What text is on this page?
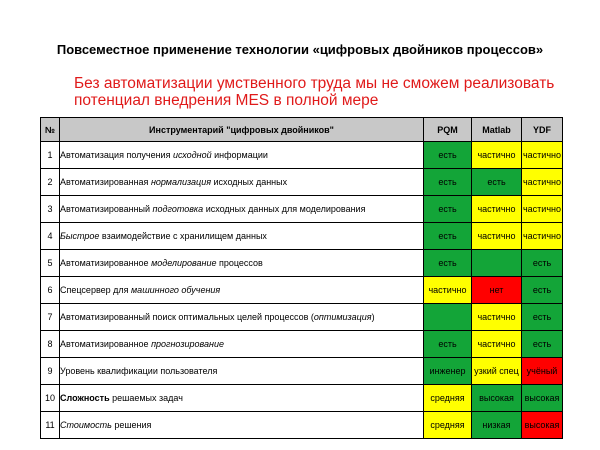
Повсеместное применение технологии «цифровых двойников процессов»
Без автоматизации умственного труда мы не сможем реализовать потенциал внедрения MES в полной мере
№	Инструментарий "цифровых двойников"	PQM	Matlab	YDF
1	Автоматизация получения исходной информации	есть	частично	частично
2	Автоматизированная нормализация исходных данных	есть	есть	частично
3	Автоматизированный подготовка исходных данных для моделирования	есть	частично	частично
4	Быстрое взаимодействие с хранилищем данных	есть	частично	частично
5	Автоматизированное моделирование процессов	есть		есть
6	Спецсервер для машинного обучения	частично	нет	есть
7	Автоматизированный поиск оптимальных целей процессов (оптимизация)		частично	есть
8	Автоматизированное прогнозирование	есть	частично	есть
9	Уровень квалификации пользователя	инженер	узкий спец	учёный
10	Сложность решаемых задач	средняя	высокая	высокая
11	Стоимость решения	средняя	низкая	высокая
